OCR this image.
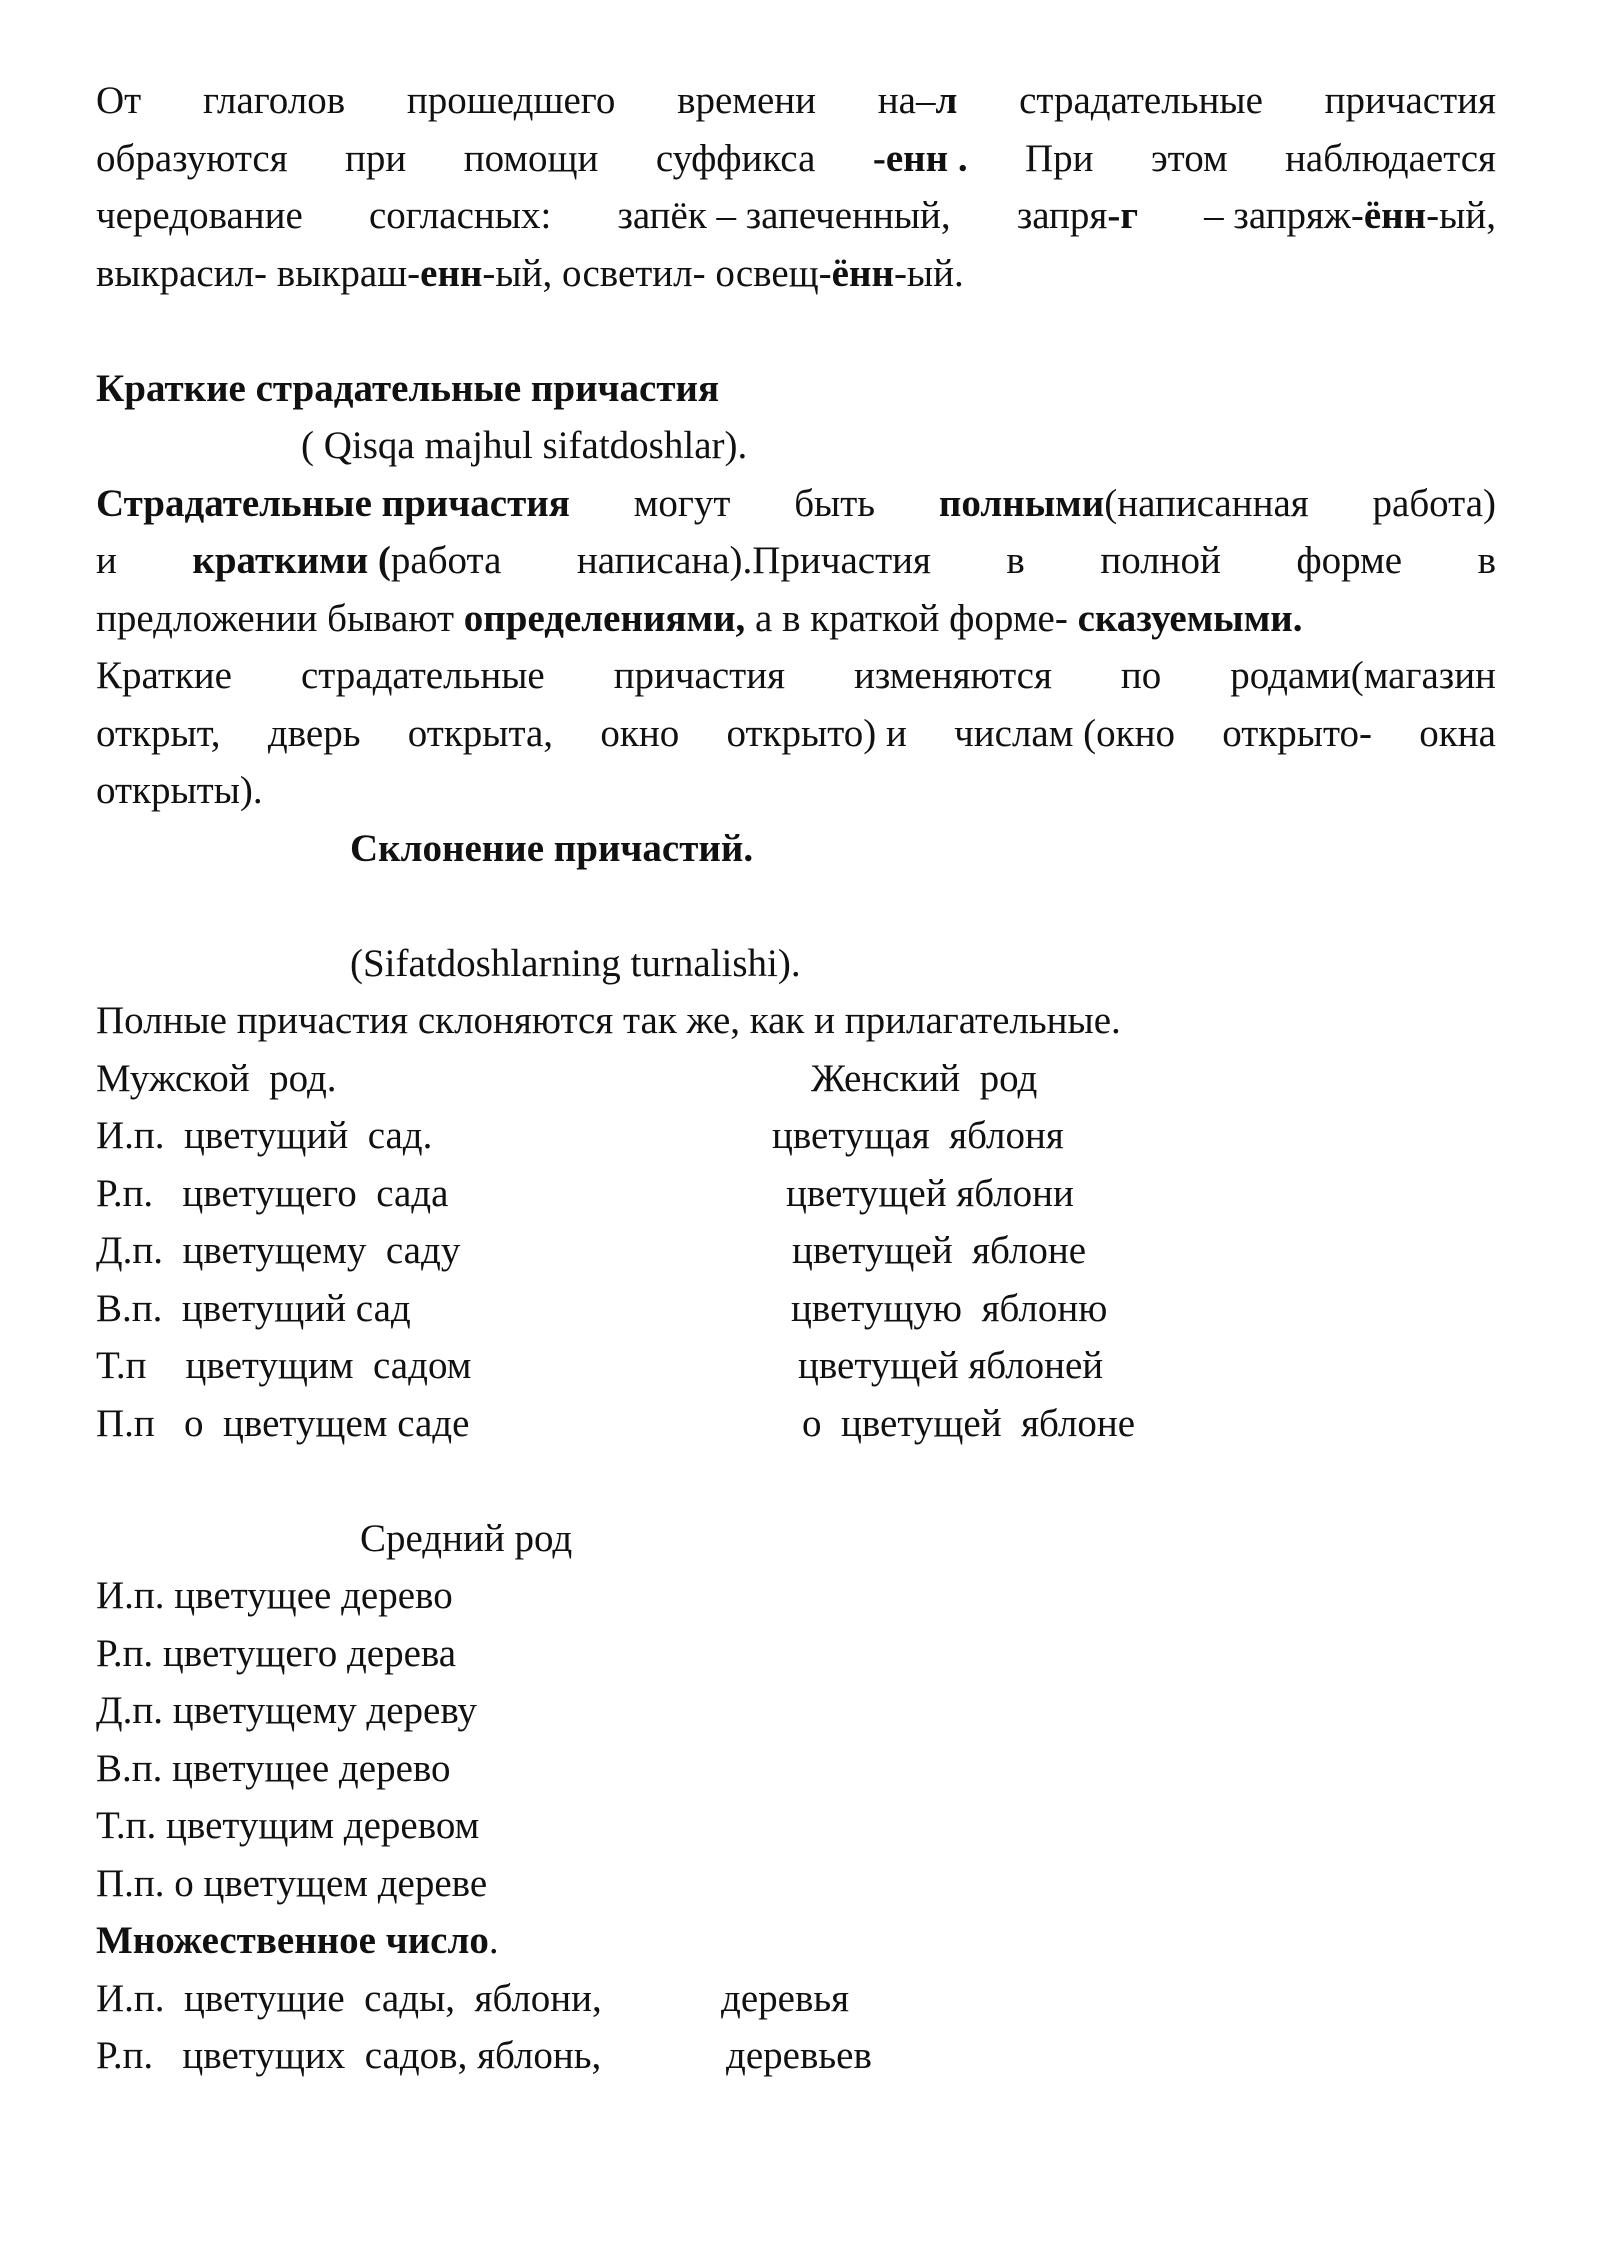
От глаголов прошедшего времени на–л страдательные причастия
образуются при помощи суффикса -енн . При этом наблюдается
чередование согласных: запёк – запеченный, запря-г – запряж-ённ-ый,
выкрасил- выкраш-енн-ый, осветил- освещ-ённ-ый.
Краткие страдательные причастия
( Qisqa majhul sifatdoshlar).
Страдательные причастия могут быть полными(написанная работа)
и краткими (работа написана).Причастия в полной форме в
предложении бывают определениями, а в краткой форме- сказуемыми.
Краткие страдательные причастия изменяются по родами(магазин
открыт, дверь открыта, окно открыто) и числам (окно открыто- окна
открыты).
Склонение причастий.
(Sifatdoshlarning turnalishi).
Полные причастия склоняются так же, как и прилагательные.
Мужской  род.	Женский  род
И.п.  цветущий  сад.	цветущая  яблоня
Р.п.   цветущего  сада	цветущей яблони
Д.п.  цветущему  саду	цветущей  яблоне
В.п.  цветущий сад	цветущую  яблоню
Т.п    цветущим  садом	цветущей яблоней
П.п   о  цветущем саде	о  цветущей  яблоне
Средний род
И.п. цветущее дерево
Р.п. цветущего дерева
Д.п. цветущему дереву
В.п. цветущее дерево
Т.п. цветущим деревом
П.п. о цветущем дереве
Множественное число.
И.п.  цветущие  сады,  яблони,	деревья
Р.п.   цветущих  садов, яблонь,	деревьев
